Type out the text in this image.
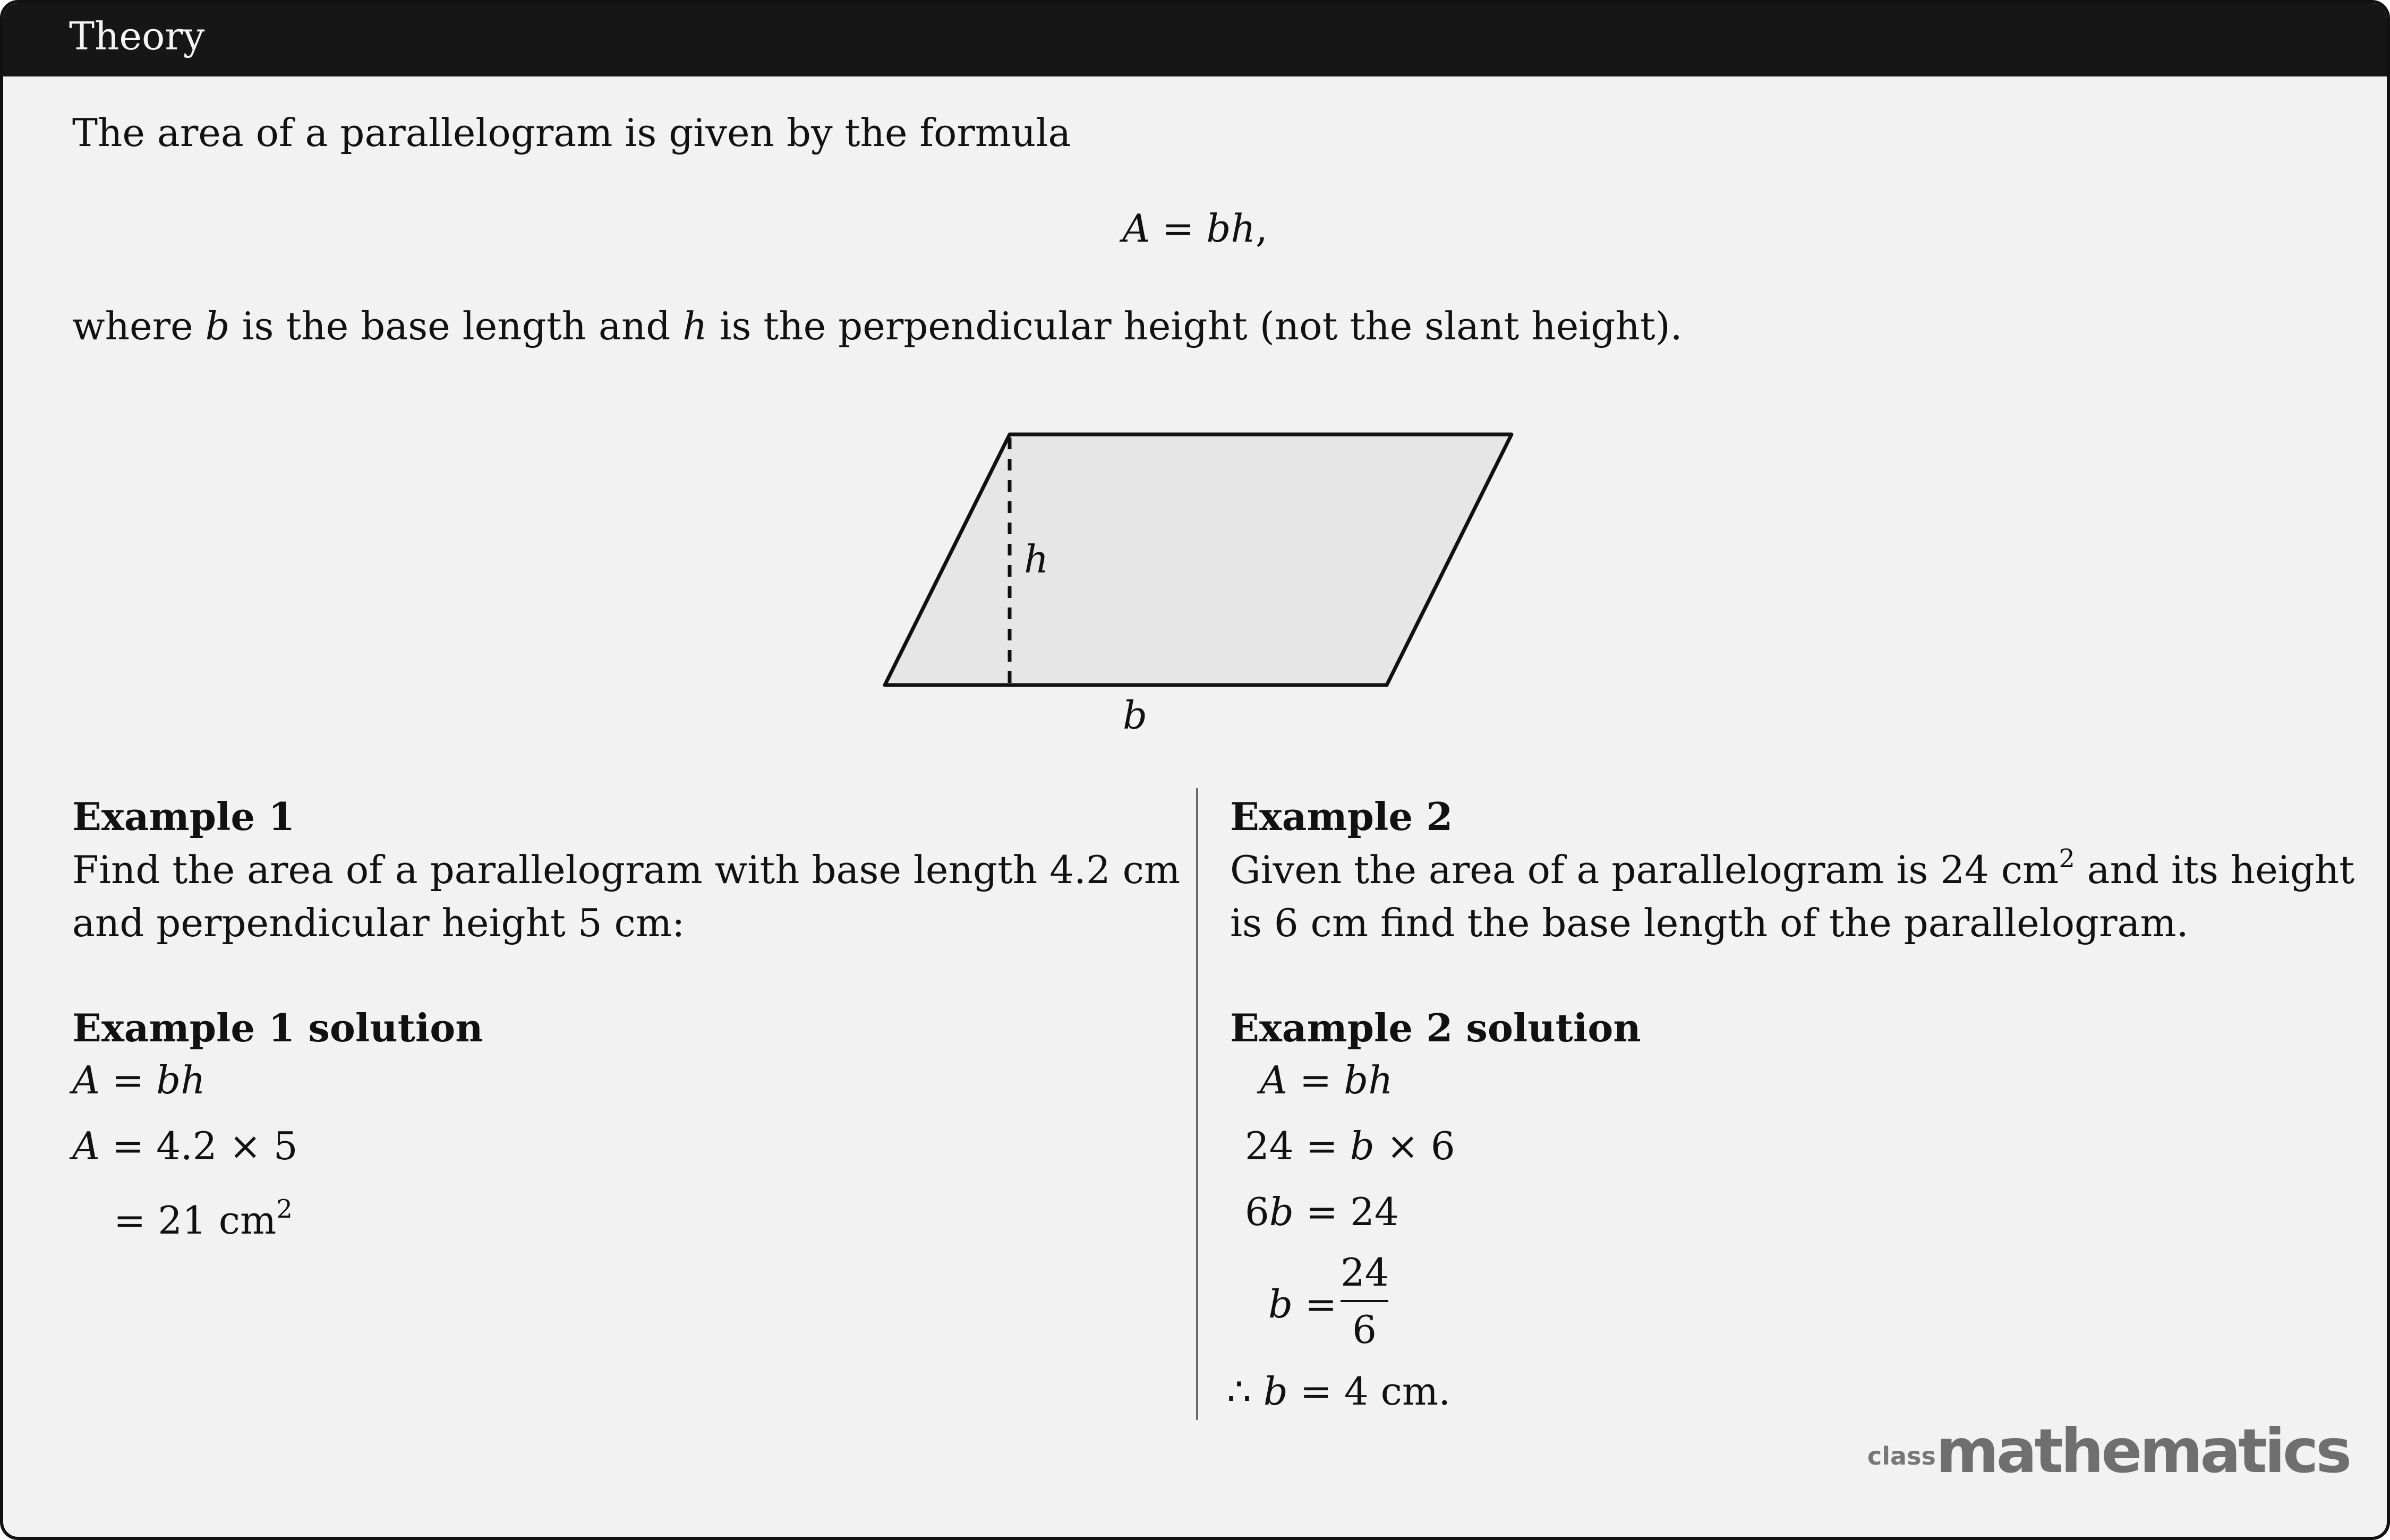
Theory
The area of a parallelogram is given by the formula
A = bh,
where b is the base length and h is the perpendicular height (not the slant height).
h
b
Example 1
Find the area of a parallelogram with base length 4.2 cm
and perpendicular height 5 cm:
Example 1 solution
A = bh
A = 4.2 × 5
= 21 $cm^2$
Example 2
Given the area of a parallelogram is 24 $cm^2$ and its height
is 6 cm find the base length of the parallelogram.
Example 2 solution
A = bh
24 = b × 6
6b = 24
b =
24
6
∴ b = 4 cm.
classmathematics
